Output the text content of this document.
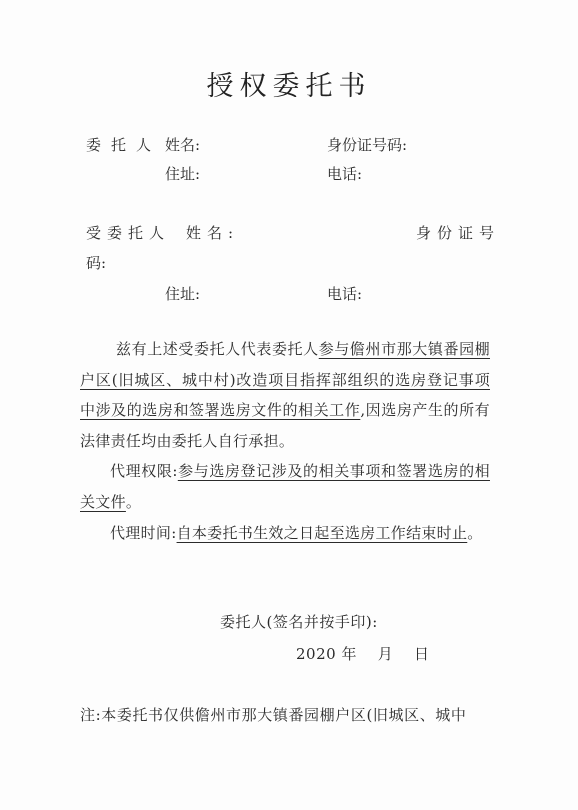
授权委托书
委托人 姓名:	身份证号码:
住址:	电话:
受委托人 姓名:	身份证号
码:
住址:	电话:
兹有上述受委托人代表委托人参与儋州市那大镇番园棚户区(旧城区、城中村)改造项目指挥部组织的选房登记事项中涉及的选房和签署选房文件的相关工作,因选房产生的所有法律责任均由委托人自行承担。
代理权限:参与选房登记涉及的相关事项和签署选房的相关文件。
代理时间:自本委托书生效之日起至选房工作结束时止。
委托人(签名并按手印):
2020 年　 月　 日
注:本委托书仅供儋州市那大镇番园棚户区(旧城区、城中
